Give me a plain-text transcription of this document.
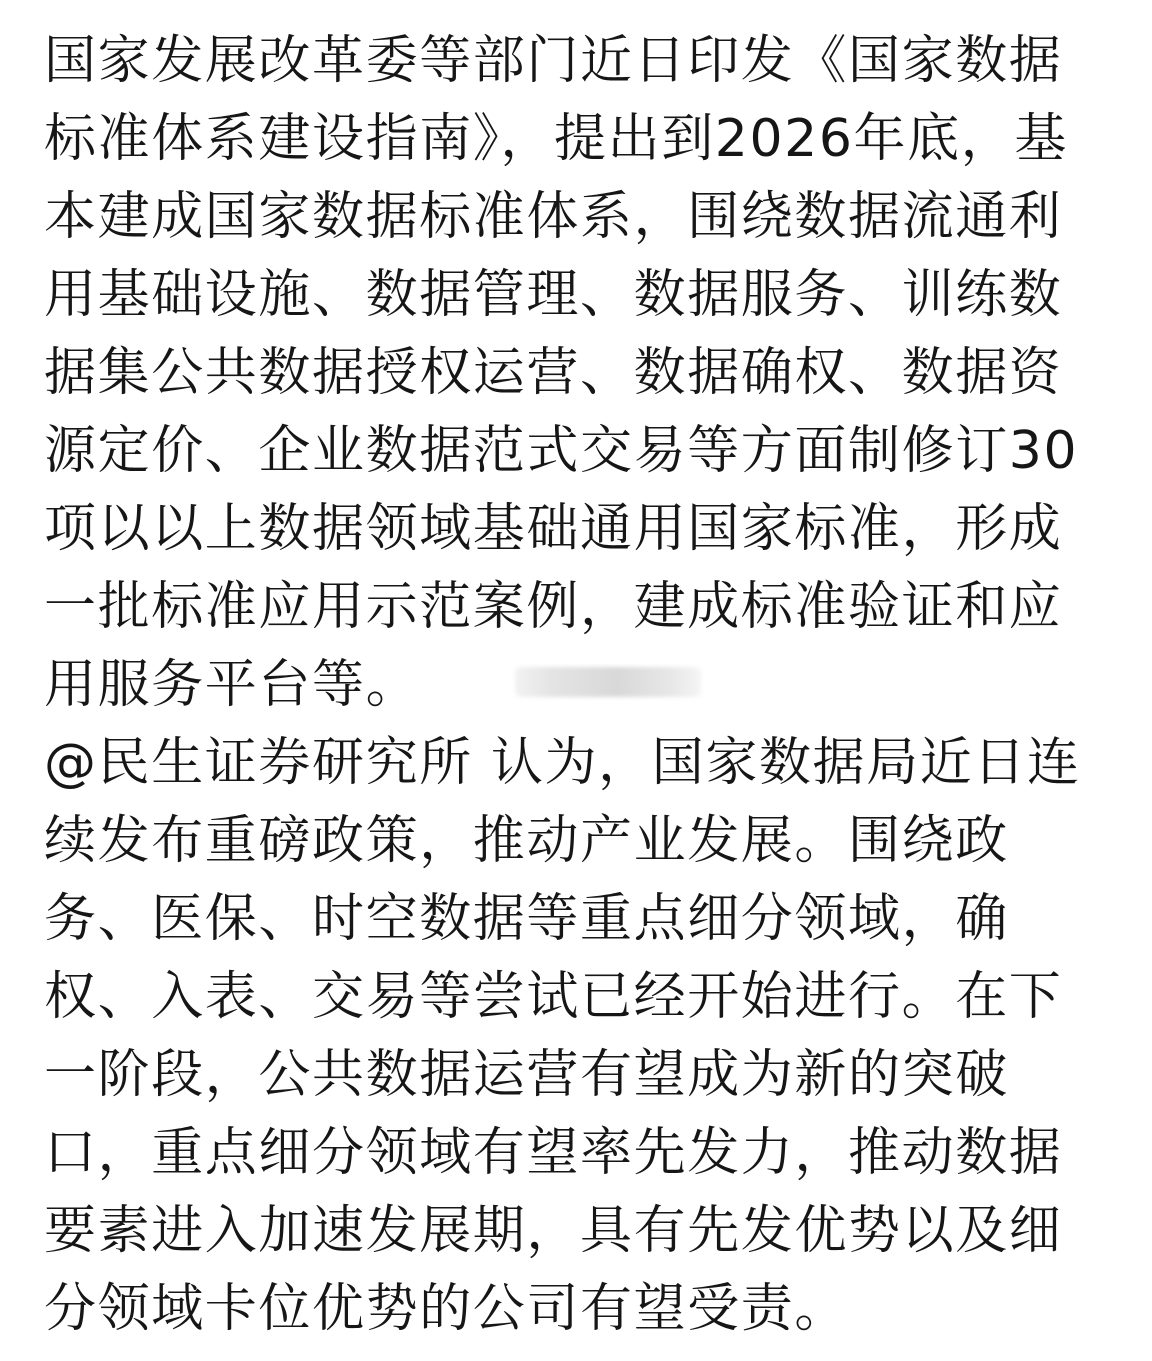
国家发展改革委等部门近日印发《国家数据
标准体系建设指南》，提出到2026年底，基
本建成国家数据标准体系，围绕数据流通利
用基础设施、数据管理、数据服务、训练数
据集公共数据授权运营、数据确权、数据资
源定价、企业数据范式交易等方面制修订30
项以以上数据领域基础通用国家标准，形成
一批标准应用示范案例，建成标准验证和应
用服务平台等。

@民生证券研究所 认为，国家数据局近日连
续发布重磅政策，推动产业发展。围绕政
务、医保、时空数据等重点细分领域，确
权、入表、交易等尝试已经开始进行。在下
一阶段，公共数据运营有望成为新的突破
口，重点细分领域有望率先发力，推动数据
要素进入加速发展期，具有先发优势以及细
分领域卡位优势的公司有望受责。
